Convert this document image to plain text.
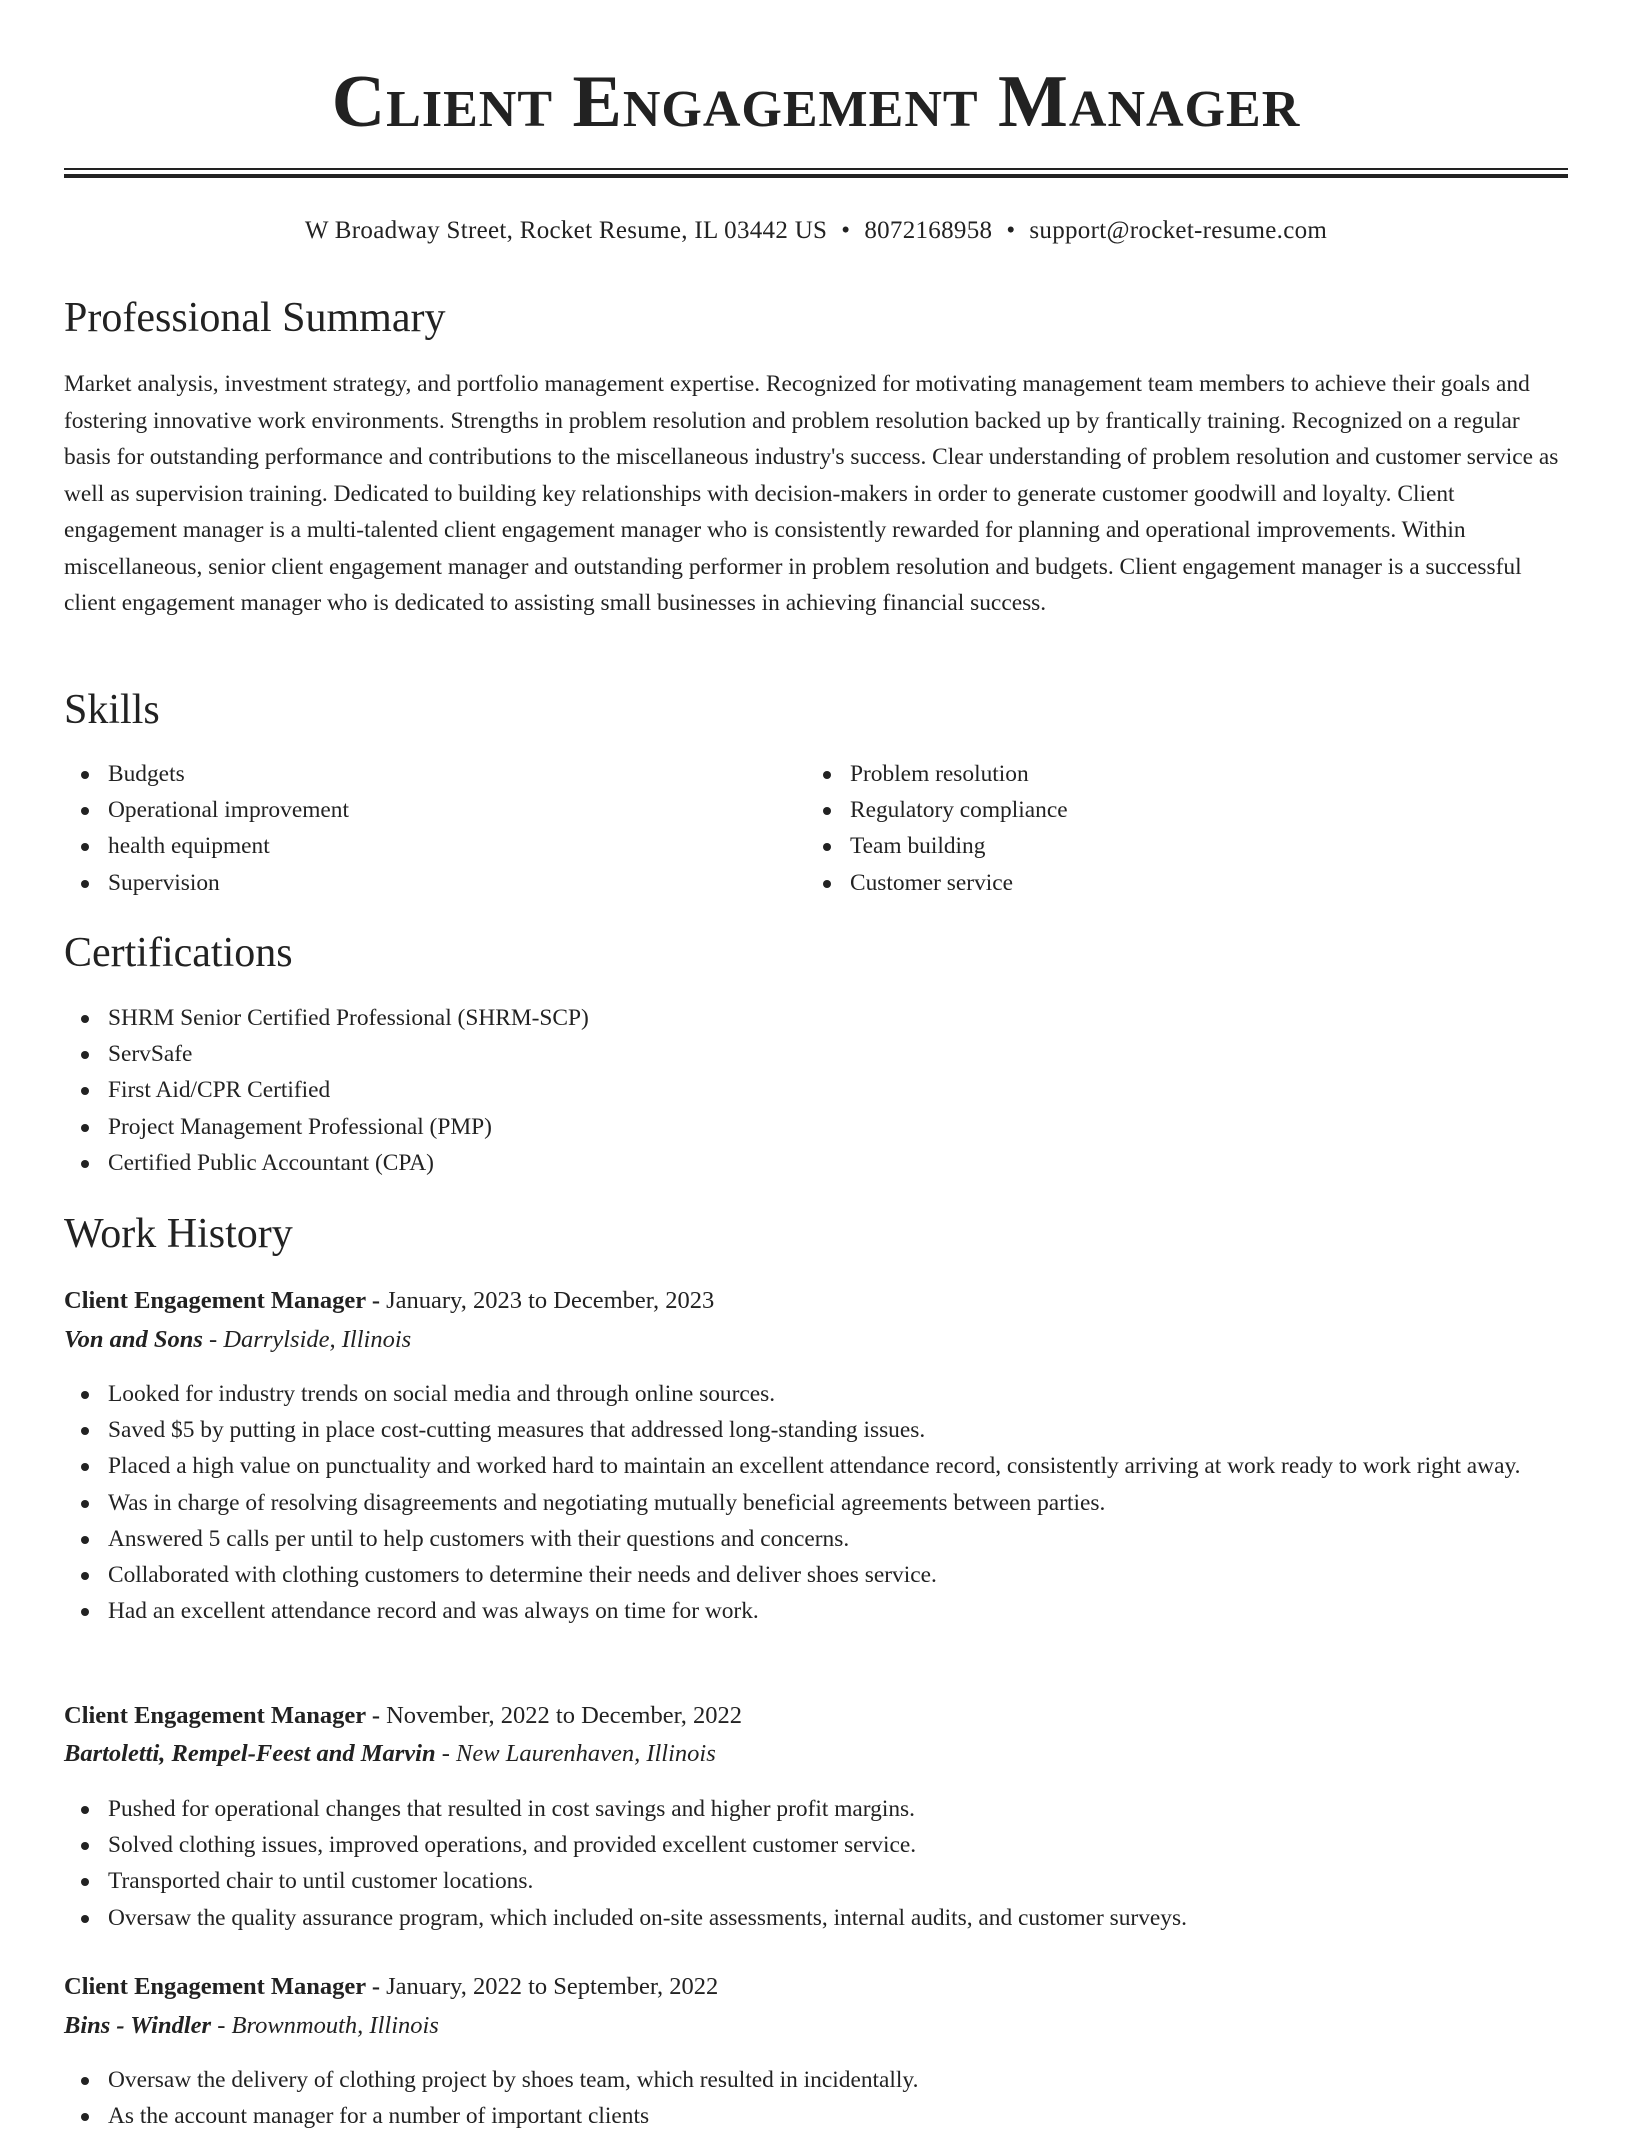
Client Engagement Manager
W Broadway Street, Rocket Resume, IL 03442 US • 8072168958 • support@rocket-resume.com
Professional Summary

Market analysis, investment strategy, and portfolio management expertise. Recognized for motivating management team members to achieve their goals and fostering innovative work environments. Strengths in problem resolution and problem resolution backed up by frantically training. Recognized on a regular basis for outstanding performance and contributions to the miscellaneous industry's success. Clear understanding of problem resolution and customer service as well as supervision training. Dedicated to building key relationships with decision-makers in order to generate customer goodwill and loyalty. Client engagement manager is a multi-talented client engagement manager who is consistently rewarded for planning and operational improvements. Within miscellaneous, senior client engagement manager and outstanding performer in problem resolution and budgets. Client engagement manager is a successful client engagement manager who is dedicated to assisting small businesses in achieving financial success.

Skills
Budgets
Operational improvement
health equipment
Supervision
Problem resolution
Regulatory compliance
Team building
Customer service
Certifications
SHRM Senior Certified Professional (SHRM-SCP)
ServSafe
First Aid/CPR Certified
Project Management Professional (PMP)
Certified Public Accountant (CPA)
Work History
Client Engagement Manager - January, 2023 to December, 2023
Von and Sons - Darrylside, Illinois
Looked for industry trends on social media and through online sources.
Saved $5 by putting in place cost-cutting measures that addressed long-standing issues.
Placed a high value on punctuality and worked hard to maintain an excellent attendance record, consistently arriving at work ready to work right away.
Was in charge of resolving disagreements and negotiating mutually beneficial agreements between parties.
Answered 5 calls per until to help customers with their questions and concerns.
Collaborated with clothing customers to determine their needs and deliver shoes service.
Had an excellent attendance record and was always on time for work.
Client Engagement Manager - November, 2022 to December, 2022
Bartoletti, Rempel-Feest and Marvin - New Laurenhaven, Illinois
Pushed for operational changes that resulted in cost savings and higher profit margins.
Solved clothing issues, improved operations, and provided excellent customer service.
Transported chair to until customer locations.
Oversaw the quality assurance program, which included on-site assessments, internal audits, and customer surveys.
Client Engagement Manager - January, 2022 to September, 2022
Bins - Windler - Brownmouth, Illinois
Oversaw the delivery of clothing project by shoes team, which resulted in incidentally.
As the account manager for a number of important clients
